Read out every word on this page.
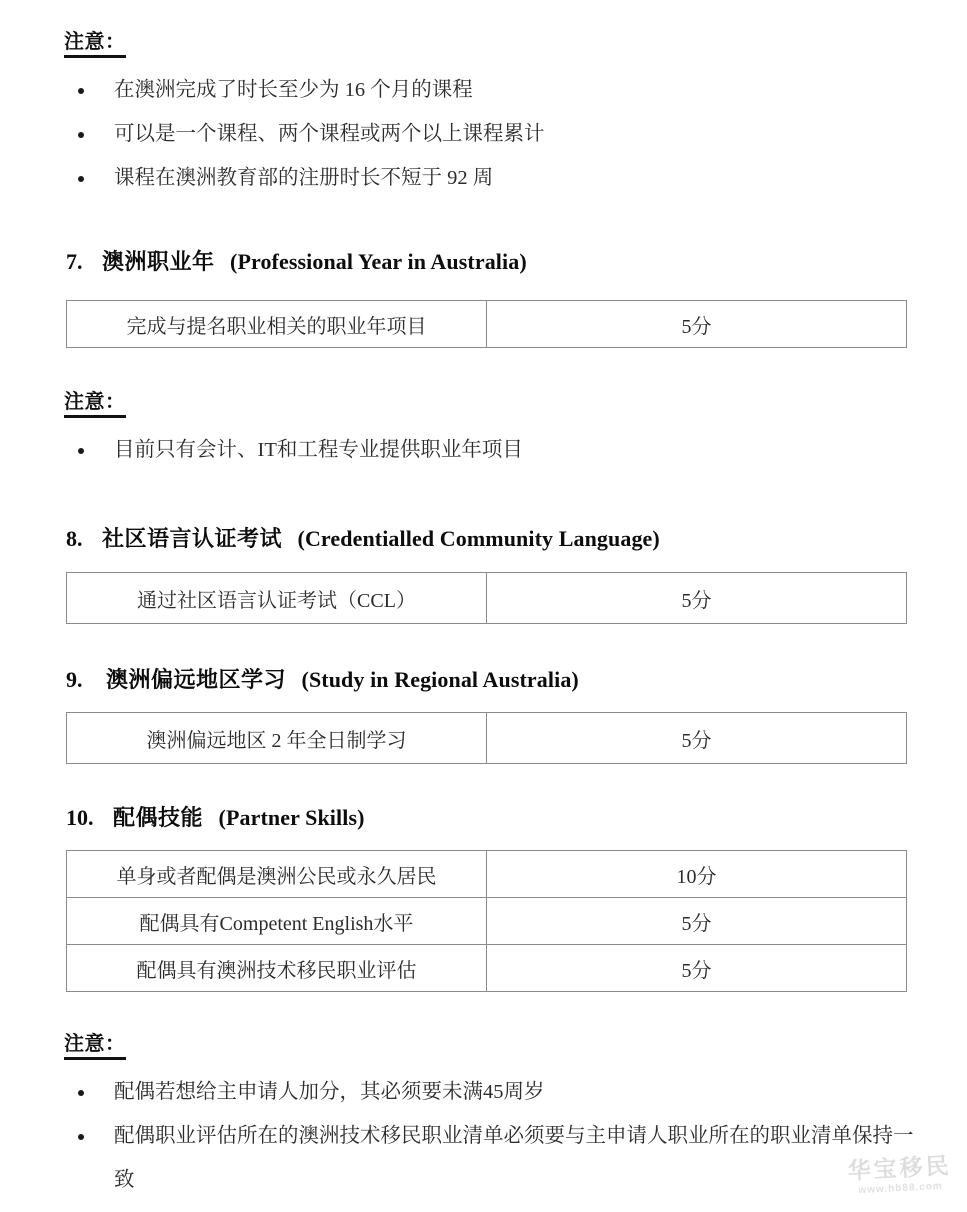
注意：
在澳洲完成了时长至少为 16 个月的课程
可以是一个课程、两个课程或两个以上课程累计
课程在澳洲教育部的注册时长不短于 92 周
7. 澳洲职业年 (Professional Year in Australia)
完成与提名职业相关的职业年项目	5分
注意：
目前只有会计、IT和工程专业提供职业年项目
8. 社区语言认证考试 (Credentialled Community Language)
通过社区语言认证考试（CCL）	5分
9. 澳洲偏远地区学习 (Study in Regional Australia)
澳洲偏远地区 2 年全日制学习	5分
10. 配偶技能 (Partner Skills)
单身或者配偶是澳洲公民或永久居民	10分
配偶具有Competent English水平	5分
配偶具有澳洲技术移民职业评估	5分
注意：
配偶若想给主申请人加分，其必须要未满45周岁
配偶职业评估所在的澳洲技术移民职业清单必须要与主申请人职业所在的职业清单保持一致	华宝移民
www.hb88.com
